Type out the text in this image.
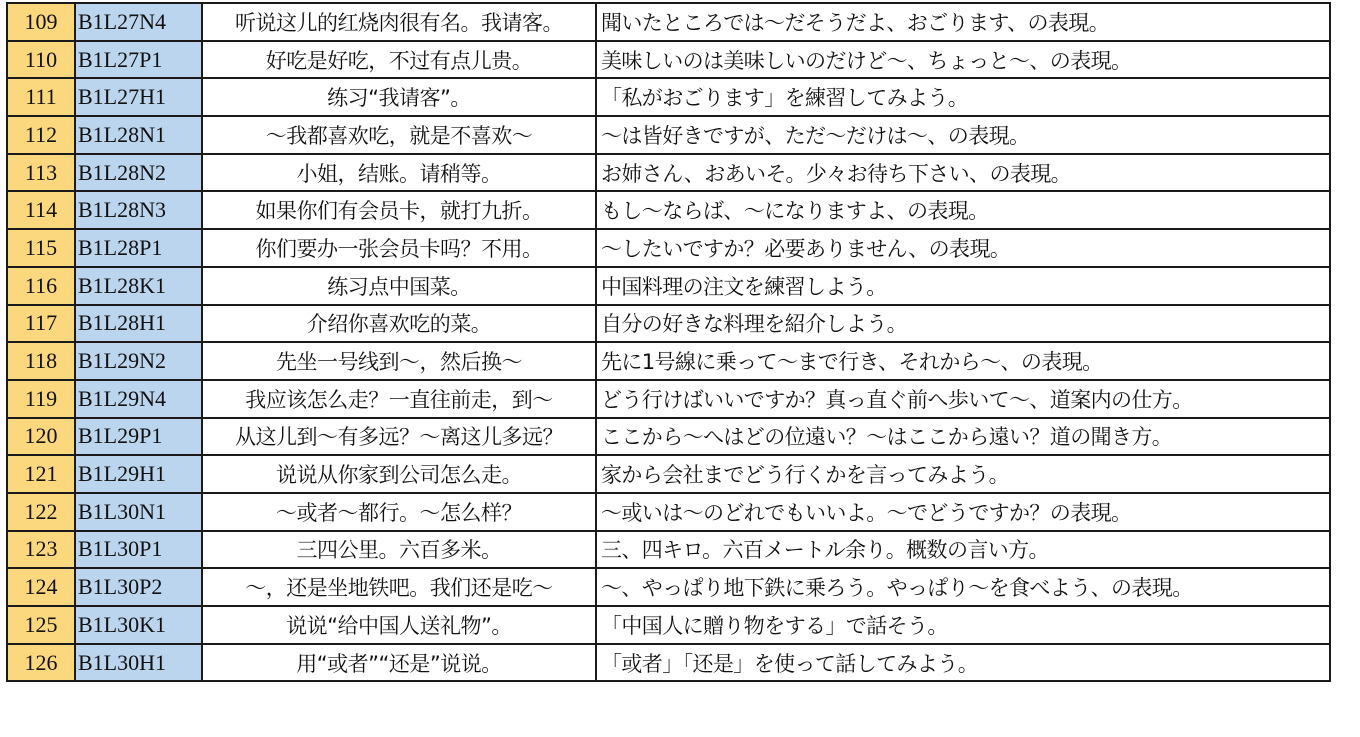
109	B1L27N4	听说这儿的红烧肉很有名。我请客。	聞いたところでは～だそうだよ、おごります、の表現。
110	B1L27P1	好吃是好吃，不过有点儿贵。	美味しいのは美味しいのだけど～、ちょっと～、の表現。
111	B1L27H1	练习“我请客”。	「私がおごります」を練習してみよう。
112	B1L28N1	～我都喜欢吃，就是不喜欢～	～は皆好きですが、ただ～だけは～、の表現。
113	B1L28N2	小姐，结账。请稍等。	お姉さん、おあいそ。少々お待ち下さい、の表現。
114	B1L28N3	如果你们有会员卡，就打九折。	もし～ならば、～になりますよ、の表現。
115	B1L28P1	你们要办一张会员卡吗？不用。	～したいですか？必要ありません、の表現。
116	B1L28K1	练习点中国菜。	中国料理の注文を練習しよう。
117	B1L28H1	介绍你喜欢吃的菜。	自分の好きな料理を紹介しよう。
118	B1L29N2	先坐一号线到～，然后换～	先に1号線に乗って～まで行き、それから～、の表現。
119	B1L29N4	我应该怎么走？一直往前走，到～	どう行けばいいですか？真っ直ぐ前へ歩いて～、道案内の仕方。
120	B1L29P1	从这儿到～有多远？～离这儿多远？	ここから～へはどの位遠い？～はここから遠い？道の聞き方。
121	B1L29H1	说说从你家到公司怎么走。	家から会社までどう行くかを言ってみよう。
122	B1L30N1	～或者～都行。～怎么样？	～或いは～のどれでもいいよ。～でどうですか？の表現。
123	B1L30P1	三四公里。六百多米。	三、四キロ。六百メートル余り。概数の言い方。
124	B1L30P2	～，还是坐地铁吧。我们还是吃～	～、やっぱり地下鉄に乗ろう。やっぱり～を食べよう、の表現。
125	B1L30K1	说说“给中国人送礼物”。	「中国人に贈り物をする」で話そう。
126	B1L30H1	用“或者”“还是”说说。	「或者」「还是」を使って話してみよう。
